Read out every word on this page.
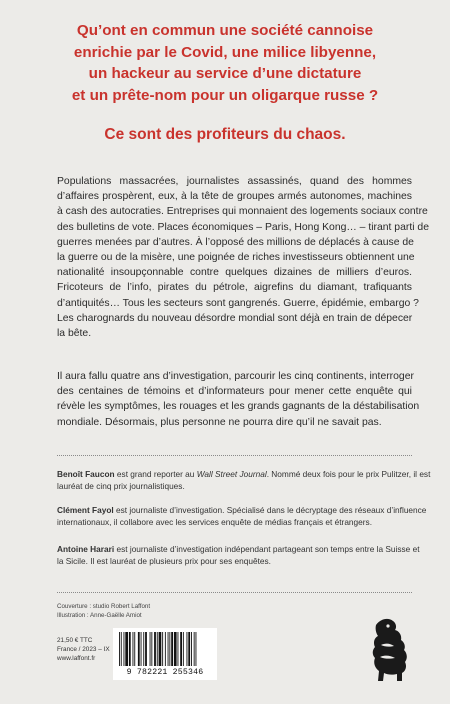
Qu’ont en commun une société cannoise
enrichie par le Covid, une milice libyenne,
un hackeur au service d’une dictature
et un prête-nom pour un oligarque russe ?
Ce sont des profiteurs du chaos.
Populations massacrées, journalistes assassinés, quand des hommes
d’affaires prospèrent, eux, à la tête de groupes armés autonomes, machines
à cash des autocraties. Entreprises qui monnaient des logements sociaux contre
des bulletins de vote. Places économiques – Paris, Hong Kong… – tirant parti de
guerres menées par d’autres. À l’opposé des millions de déplacés à cause de
la guerre ou de la misère, une poignée de riches investisseurs obtiennent une
nationalité insoupçonnable contre quelques dizaines de milliers d’euros.
Fricoteurs de l’info, pirates du pétrole, aigrefins du diamant, trafiquants
d’antiquités… Tous les secteurs sont gangrenés. Guerre, épidémie, embargo ?
Les charognards du nouveau désordre mondial sont déjà en train de dépecer
la bête.
Il aura fallu quatre ans d’investigation, parcourir les cinq continents, interroger
des centaines de témoins et d’informateurs pour mener cette enquête qui
révèle les symptômes, les rouages et les grands gagnants de la déstabilisation
mondiale. Désormais, plus personne ne pourra dire qu’il ne savait pas.
Benoît Faucon est grand reporter au Wall Street Journal. Nommé deux fois pour le prix Pulitzer, il est
lauréat de cinq prix journalistiques.
Clément Fayol est journaliste d’investigation. Spécialisé dans le décryptage des réseaux d’influence
internationaux, il collabore avec les services enquête de médias français et étrangers.
Antoine Harari est journaliste d’investigation indépendant partageant son temps entre la Suisse et
la Sicile. Il est lauréat de plusieurs prix pour ses enquêtes.
Couverture : studio Robert Laffont
Illustration : Anne-Gaëlle Amiot
21,50 € TTC
France / 2023 – IX
www.laffont.fr
9 782221 255346
